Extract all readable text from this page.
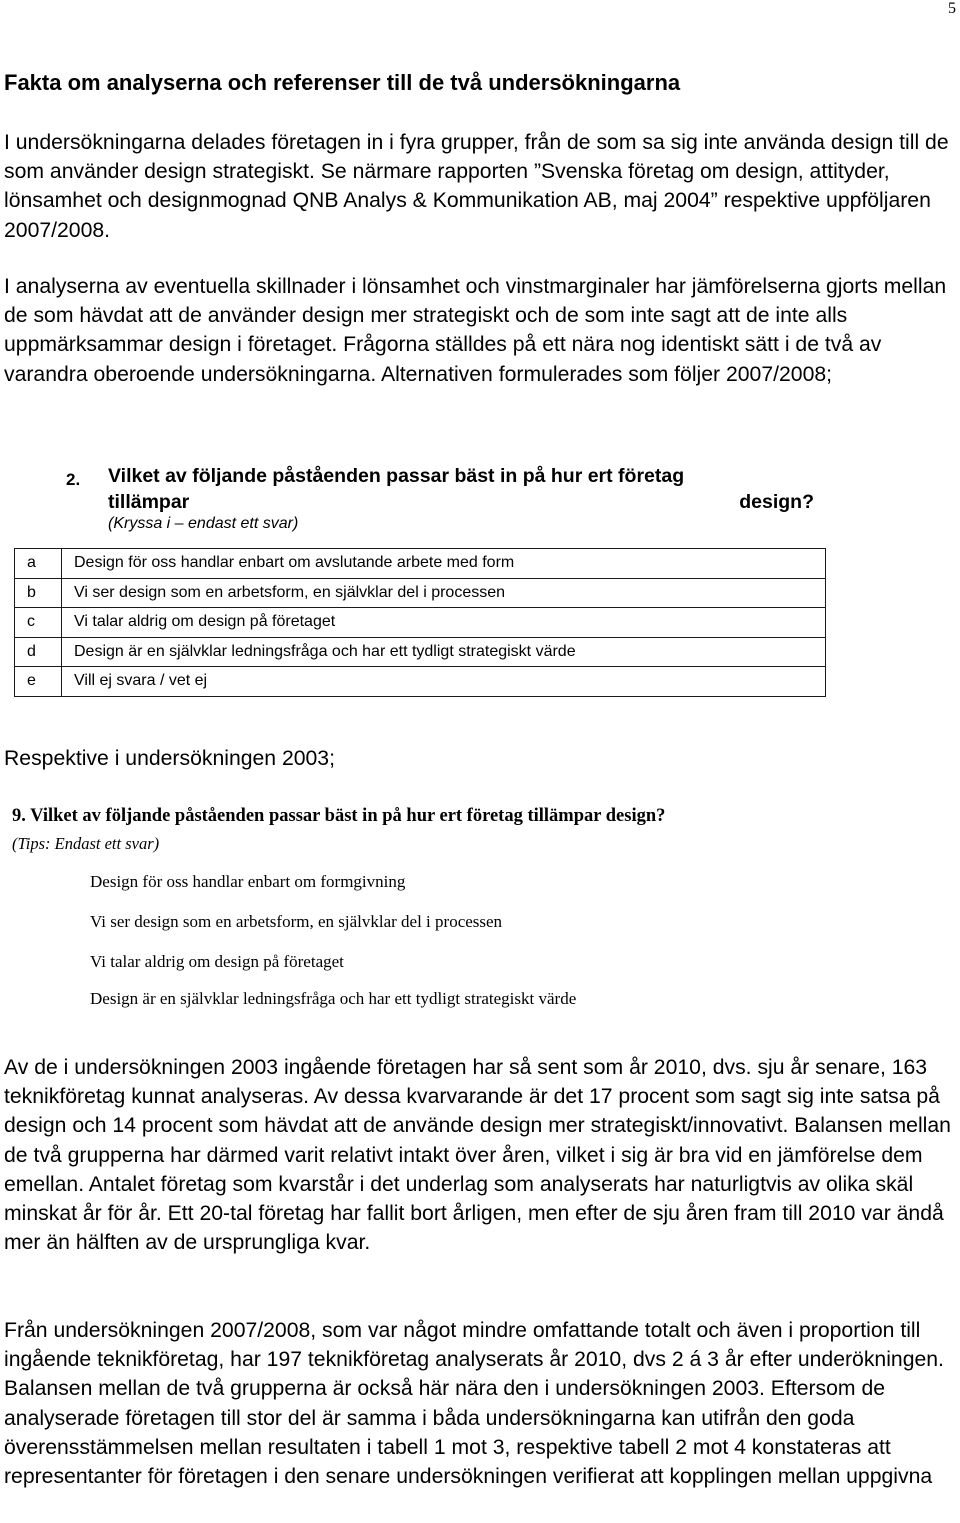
5
Fakta om analyserna och referenser till de två undersökningarna

I undersökningarna delades företagen in i fyra grupper, från de som sa sig inte använda design till de som använder design strategiskt. Se närmare rapporten ”Svenska företag om design, attityder, lönsamhet och designmognad QNB Analys & Kommunikation AB, maj 2004” respektive uppföljaren 2007/2008.

I analyserna av eventuella skillnader i lönsamhet och vinstmarginaler har jämförelserna gjorts mellan de som hävdat att de använder design mer strategiskt och de som inte sagt att de inte alls uppmärksammar design i företaget. Frågorna ställdes på ett nära nog identiskt sätt i de två av varandra oberoende undersökningarna. Alternativen formulerades som följer 2007/2008;

2. Vilket av följande påståenden passar bäst in på hur ert företag
tillämpar	design?
(Kryssa i – endast ett svar)
a	Design för oss handlar enbart om avslutande arbete med form
b	Vi ser design som en arbetsform, en självklar del i processen
c	Vi talar aldrig om design på företaget
d	Design är en självklar ledningsfråga och har ett tydligt strategiskt värde
e	Vill ej svara / vet ej

Respektive i undersökningen 2003;

9. Vilket av följande påståenden passar bäst in på hur ert företag tillämpar design?
(Tips: Endast ett svar)
Design för oss handlar enbart om formgivning
Vi ser design som en arbetsform, en självklar del i processen
Vi talar aldrig om design på företaget
Design är en självklar ledningsfråga och har ett tydligt strategiskt värde

Av de i undersökningen 2003 ingående företagen har så sent som år 2010, dvs. sju år senare, 163 teknikföretag kunnat analyseras. Av dessa kvarvarande är det 17 procent som sagt sig inte satsa på design och 14 procent som hävdat att de använde design mer strategiskt/innovativt. Balansen mellan de två grupperna har därmed varit relativt intakt över åren, vilket i sig är bra vid en jämförelse dem emellan. Antalet företag som kvarstår i det underlag som analyserats har naturligtvis av olika skäl minskat år för år. Ett 20-tal företag har fallit bort årligen, men efter de sju åren fram till 2010 var ändå mer än hälften av de ursprungliga kvar.

Från undersökningen 2007/2008, som var något mindre omfattande totalt och även i proportion till ingående teknikföretag, har 197 teknikföretag analyserats år 2010, dvs 2 á 3 år efter underökningen. Balansen mellan de två grupperna är också här nära den i undersökningen 2003. Eftersom de analyserade företagen till stor del är samma i båda undersökningarna kan utifrån den goda överensstämmelsen mellan resultaten i tabell 1 mot 3, respektive tabell 2 mot 4 konstateras att representanter för företagen i den senare undersökningen verifierat att kopplingen mellan uppgivna
